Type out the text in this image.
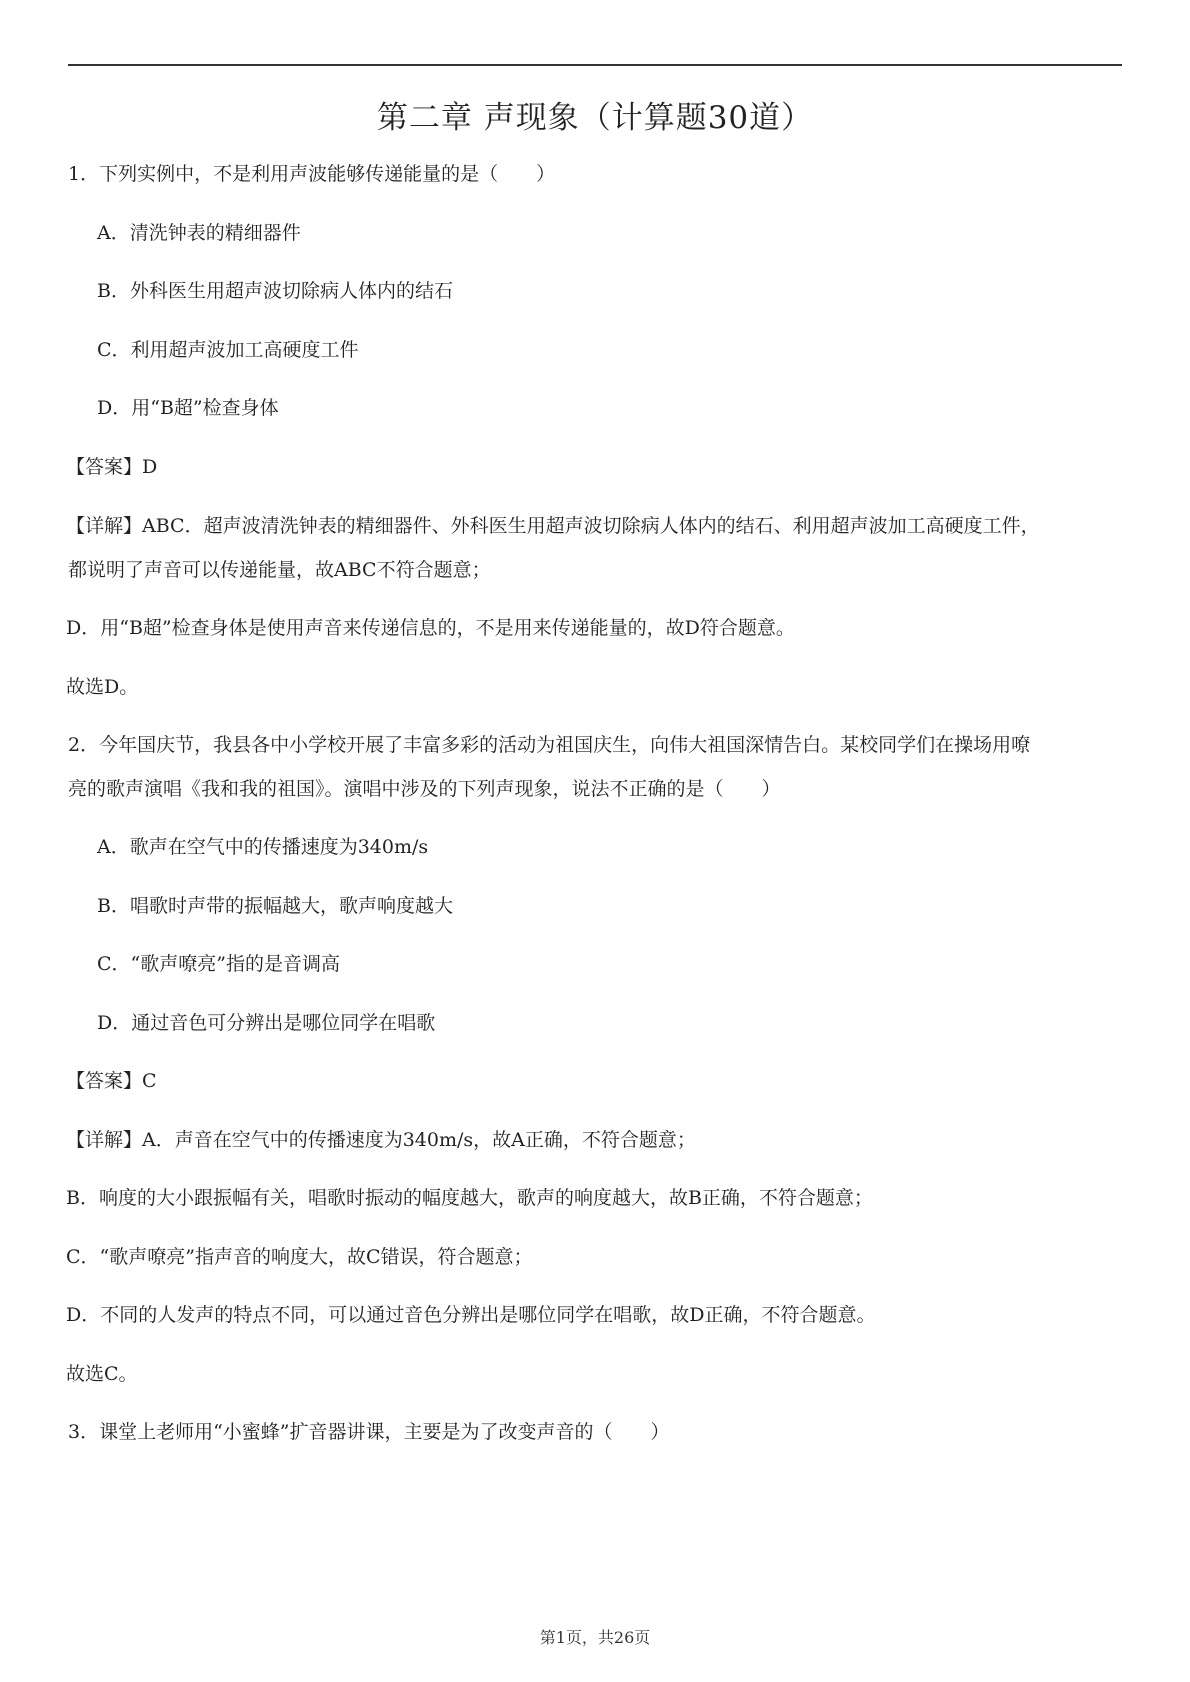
第二章 声现象（计算题30道）
1．下列实例中，不是利用声波能够传递能量的是（　　）
A．清洗钟表的精细器件
B．外科医生用超声波切除病人体内的结石
C．利用超声波加工高硬度工件
D．用“B超”检查身体
【答案】D
【详解】ABC．超声波清洗钟表的精细器件、外科医生用超声波切除病人体内的结石、利用超声波加工高硬度工件，
都说明了声音可以传递能量，故ABC不符合题意；
D．用“B超”检查身体是使用声音来传递信息的，不是用来传递能量的，故D符合题意。
故选D。
2．今年国庆节，我县各中小学校开展了丰富多彩的活动为祖国庆生，向伟大祖国深情告白。某校同学们在操场用嘹
亮的歌声演唱《我和我的祖国》。演唱中涉及的下列声现象，说法不正确的是（　　）
A．歌声在空气中的传播速度为340m/s
B．唱歌时声带的振幅越大，歌声响度越大
C．“歌声嘹亮”指的是音调高
D．通过音色可分辨出是哪位同学在唱歌
【答案】C
【详解】A．声音在空气中的传播速度为340m/s，故A正确，不符合题意；
B．响度的大小跟振幅有关，唱歌时振动的幅度越大，歌声的响度越大，故B正确，不符合题意；
C．“歌声嘹亮”指声音的响度大，故C错误，符合题意；
D．不同的人发声的特点不同，可以通过音色分辨出是哪位同学在唱歌，故D正确，不符合题意。
故选C。
3．课堂上老师用“小蜜蜂”扩音器讲课，主要是为了改变声音的（　　）
第1页，共26页
